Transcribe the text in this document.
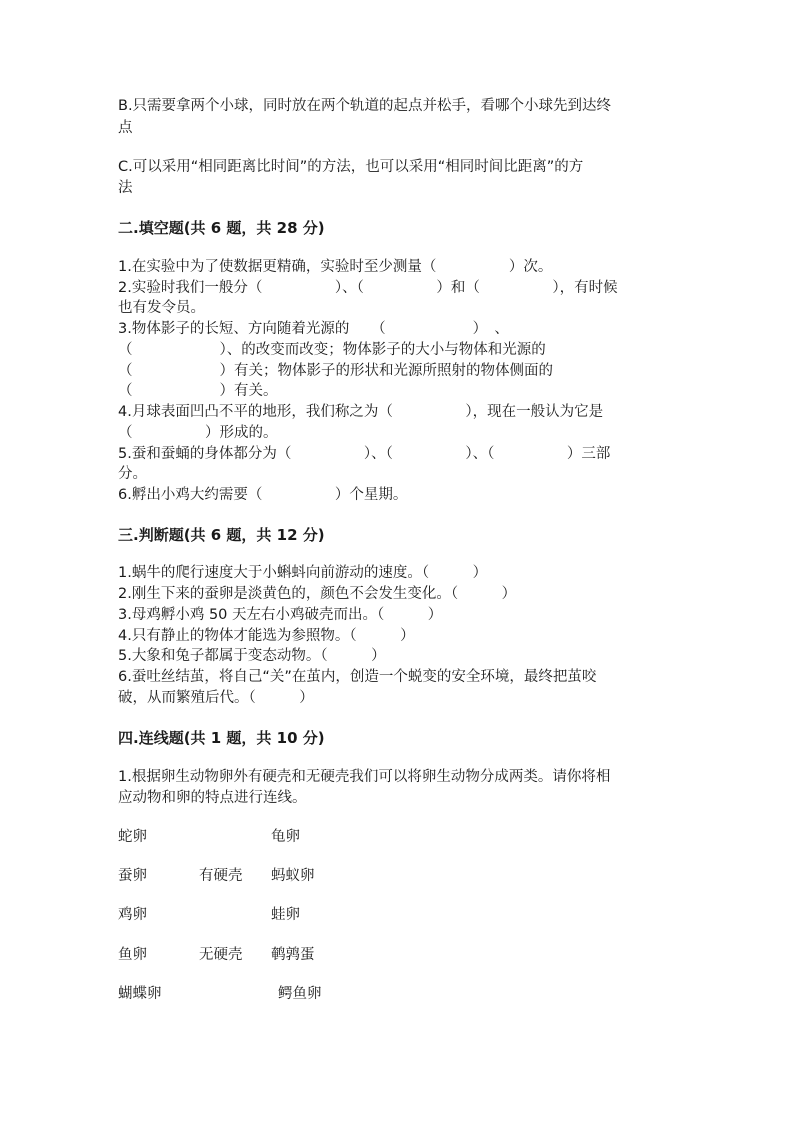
B.只需要拿两个小球，同时放在两个轨道的起点并松手，看哪个小球先到达终
点
C.可以采用“相同距离比时间”的方法，也可以采用“相同时间比距离”的方
法
二.填空题(共 6 题，共 28 分)
1.在实验中为了使数据更精确，实验时至少测量（　　　　　）次。
2.实验时我们一般分（　　　　　）、（　　　　　）和（　　　　　），有时候
也有发令员。
3.物体影子的长短、方向随着光源的　　（　　　　　　）　、
（　　　　　　）、的改变而改变；物体影子的大小与物体和光源的
（　　　　　　）有关；物体影子的形状和光源所照射的物体侧面的
（　　　　　　）有关。
4.月球表面凹凸不平的地形，我们称之为（　　　　　），现在一般认为它是
（　　　　　）形成的。
5.蚕和蚕蛹的身体都分为（　　　　　）、（　　　　　）、（　　　　　）三部
分。
6.孵出小鸡大约需要（　　　　　）个星期。
三.判断题(共 6 题，共 12 分)
1.蜗牛的爬行速度大于小蝌蚪向前游动的速度。（　　　）
2.刚生下来的蚕卵是淡黄色的，颜色不会发生变化。（　　　）
3.母鸡孵小鸡 50 天左右小鸡破壳而出。（　　　）
4.只有静止的物体才能选为参照物。（　　　）
5.大象和兔子都属于变态动物。（　　　）
6.蚕吐丝结茧，将自己“关”在茧内，创造一个蜕变的安全环境，最终把茧咬
破，从而繁殖后代。（　　　）
四.连线题(共 1 题，共 10 分)
1.根据卵生动物卵外有硬壳和无硬壳我们可以将卵生动物分成两类。请你将相
应动物和卵的特点进行连线。
蛇卵
蚕卵
鸡卵
鱼卵
蝴蝶卵
有硬壳
无硬壳
龟卵
蚂蚁卵
蛙卵
鹌鹑蛋
鳄鱼卵
